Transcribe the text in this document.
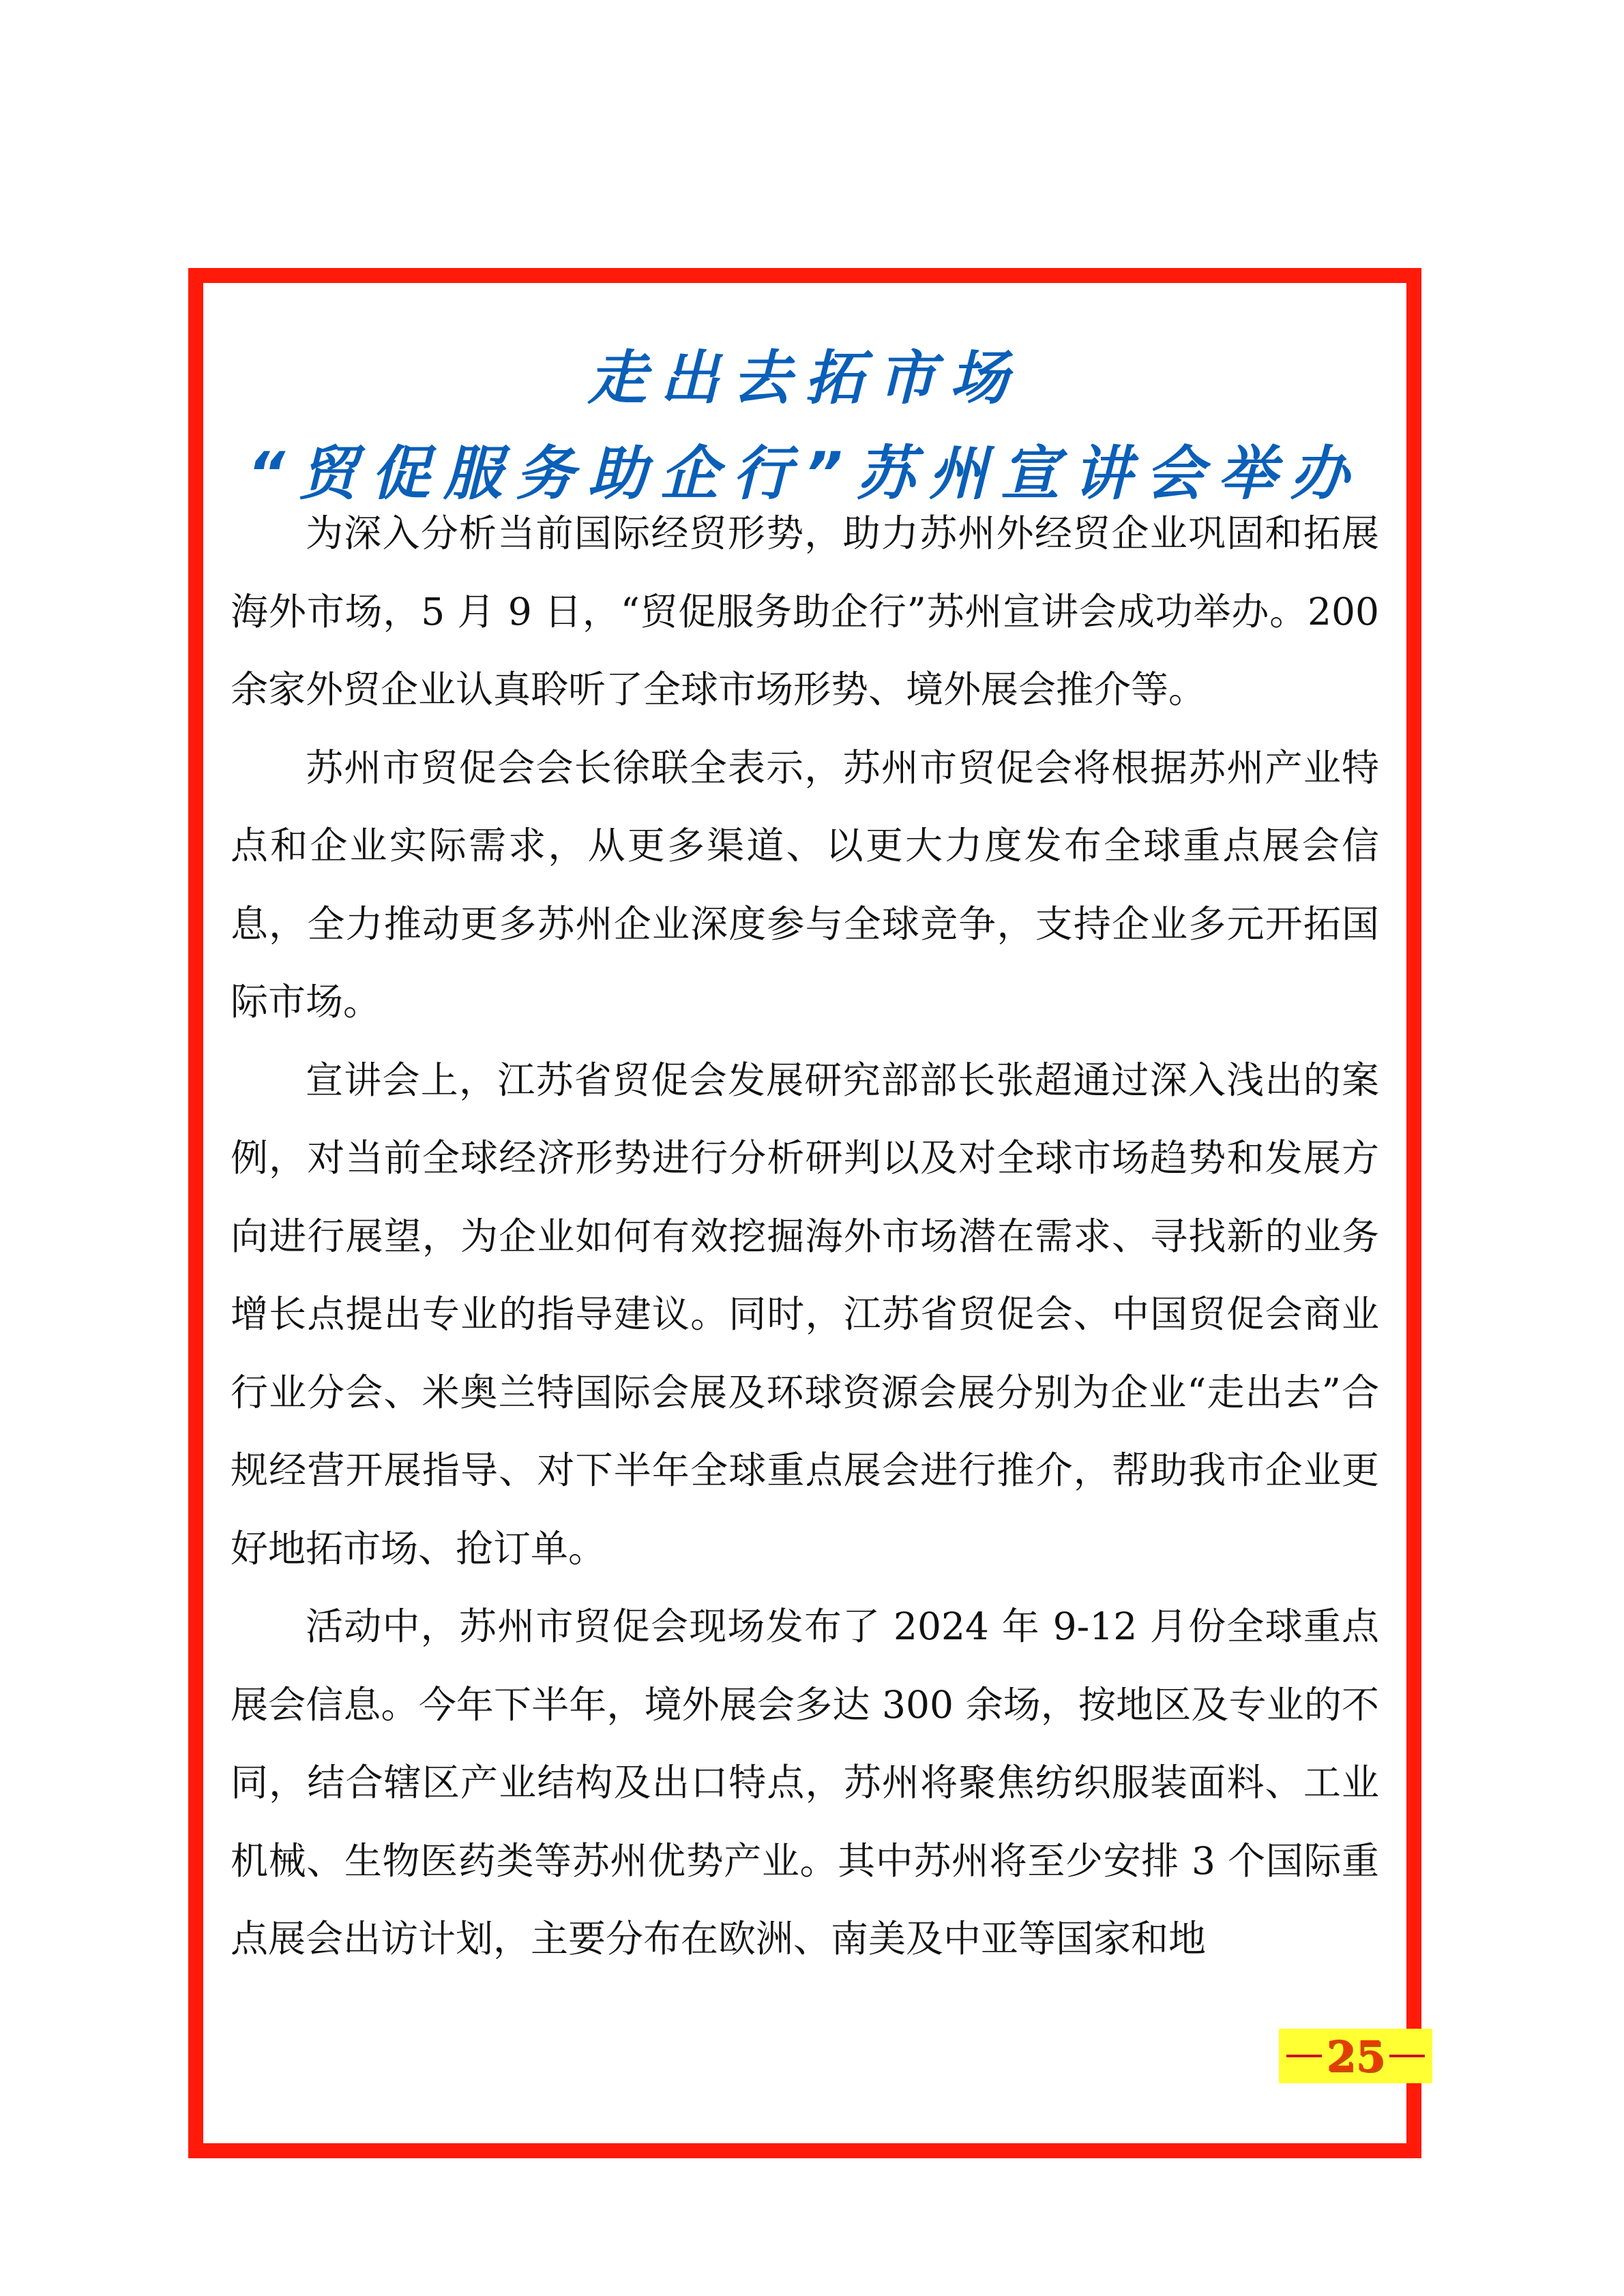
走出去拓市场
“贸促服务助企行”苏州宣讲会举办

为深入分析当前国际经贸形势，助力苏州外经贸企业巩固和拓展海外市场，5 月 9 日，“贸促服务助企行”苏州宣讲会成功举办。200 余家外贸企业认真聆听了全球市场形势、境外展会推介等。

苏州市贸促会会长徐联全表示，苏州市贸促会将根据苏州产业特点和企业实际需求，从更多渠道、以更大力度发布全球重点展会信息，全力推动更多苏州企业深度参与全球竞争，支持企业多元开拓国际市场。

宣讲会上，江苏省贸促会发展研究部部长张超通过深入浅出的案例，对当前全球经济形势进行分析研判以及对全球市场趋势和发展方向进行展望，为企业如何有效挖掘海外市场潜在需求、寻找新的业务增长点提出专业的指导建议。同时，江苏省贸促会、中国贸促会商业行业分会、米奥兰特国际会展及环球资源会展分别为企业“走出去”合规经营开展指导、对下半年全球重点展会进行推介，帮助我市企业更好地拓市场、抢订单。

活动中，苏州市贸促会现场发布了 2024 年 9-12 月份全球重点展会信息。今年下半年，境外展会多达 300 余场，按地区及专业的不同，结合辖区产业结构及出口特点，苏州将聚焦纺织服装面料、工业机械、生物医药类等苏州优势产业。其中苏州将至少安排 3 个国际重点展会出访计划，主要分布在欧洲、南美及中亚等国家和地

25
